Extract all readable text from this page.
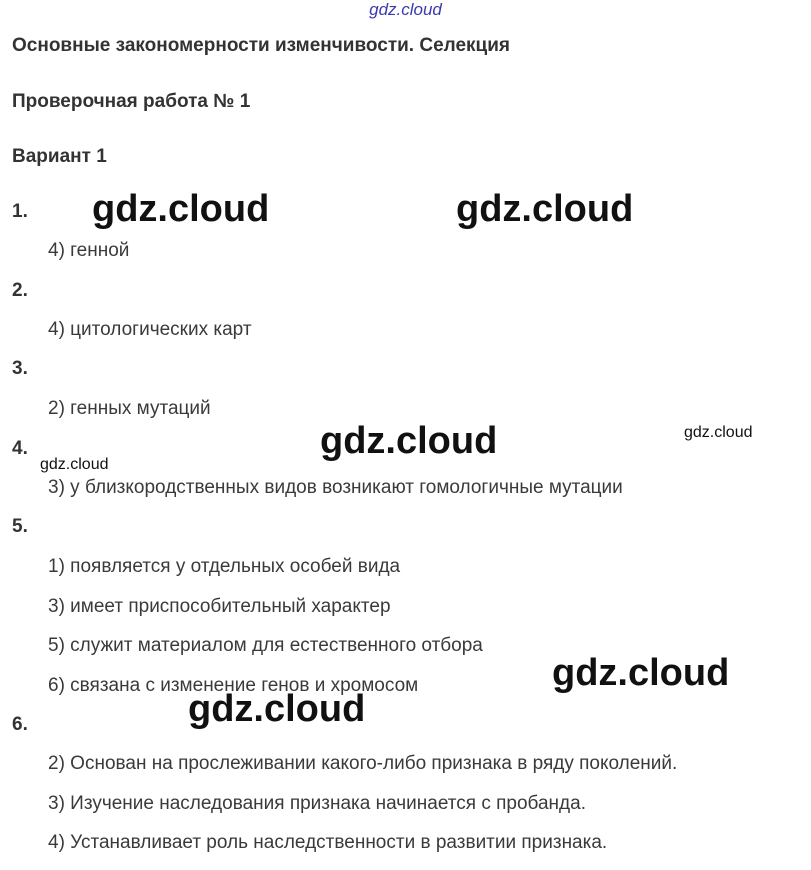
gdz.cloud
Основные закономерности изменчивости. Селекция
Проверочная работа № 1
Вариант 1
1.
4) генной
2.
4) цитологических карт
3.
2) генных мутаций
4.
3) у близкородственных видов возникают гомологичные мутации
5.
1) появляется у отдельных особей вида
3) имеет приспособительный характер
5) служит материалом для естественного отбора
6) связана с изменение генов и хромосом
6.
2) Основан на прослеживании какого-либо признака в ряду поколений.
3) Изучение наследования признака начинается с пробанда.
4) Устанавливает роль наследственности в развитии признака.
gdz.cloud	gdz.cloud
gdz.cloud	gdz.cloud
gdz.cloud
gdz.cloud
gdz.cloud
